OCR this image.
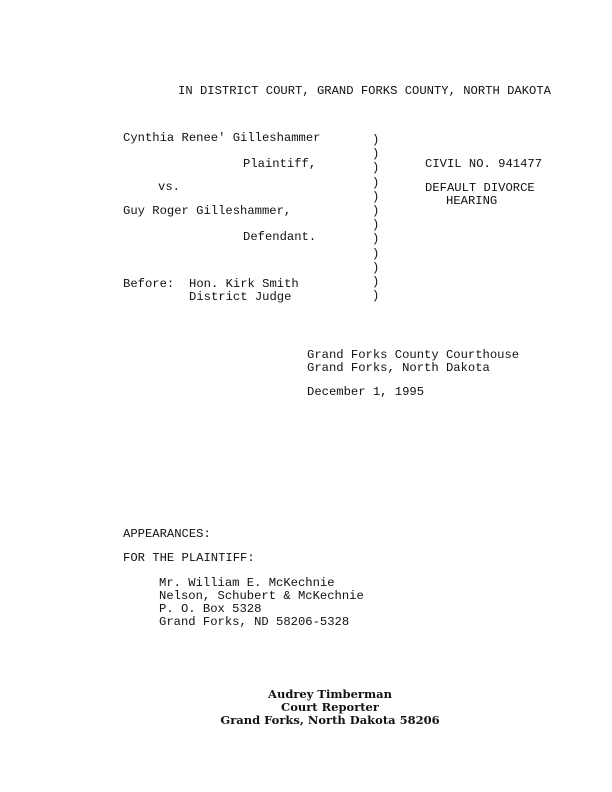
IN DISTRICT COURT, GRAND FORKS COUNTY, NORTH DAKOTA
Cynthia Renee' Gilleshammer
Plaintiff,
vs.
Guy Roger Gilleshammer,
Defendant.
)
)
)
)
)
)
)
)
)
)
)
)
CIVIL NO. 941477
DEFAULT DIVORCE
HEARING
Before: Hon. Kirk Smith
District Judge
Grand Forks County Courthouse
Grand Forks, North Dakota
December 1, 1995
APPEARANCES:
FOR THE PLAINTIFF:
Mr. William E. McKechnie
Nelson, Schubert & McKechnie
P. O. Box 5328
Grand Forks, ND 58206-5328
Audrey Timberman
Court Reporter
Grand Forks, North Dakota 58206
